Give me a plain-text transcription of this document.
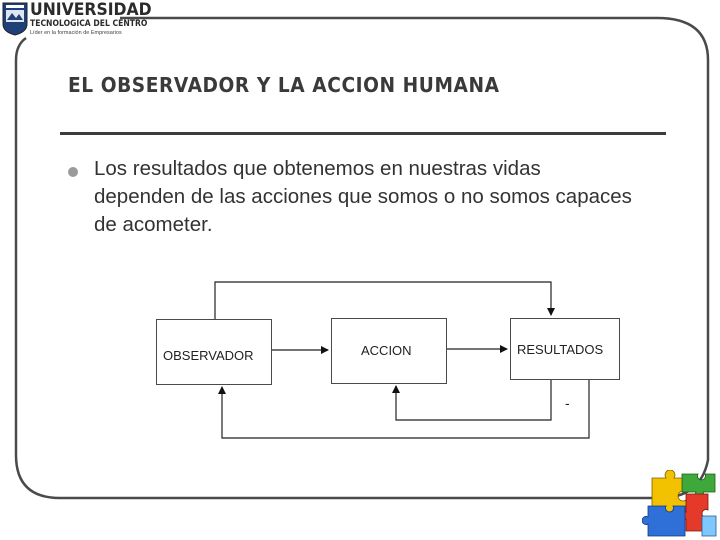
UNIVERSIDAD
TECNOLOGICA DEL CENTRO
Líder en la formación de Empresarios
EL OBSERVADOR Y LA ACCION HUMANA
Los resultados que obtenemos en nuestras vidas dependen de las acciones que somos o no somos capaces de acometer.
OBSERVADOR	ACCION	RESULTADOS
-
